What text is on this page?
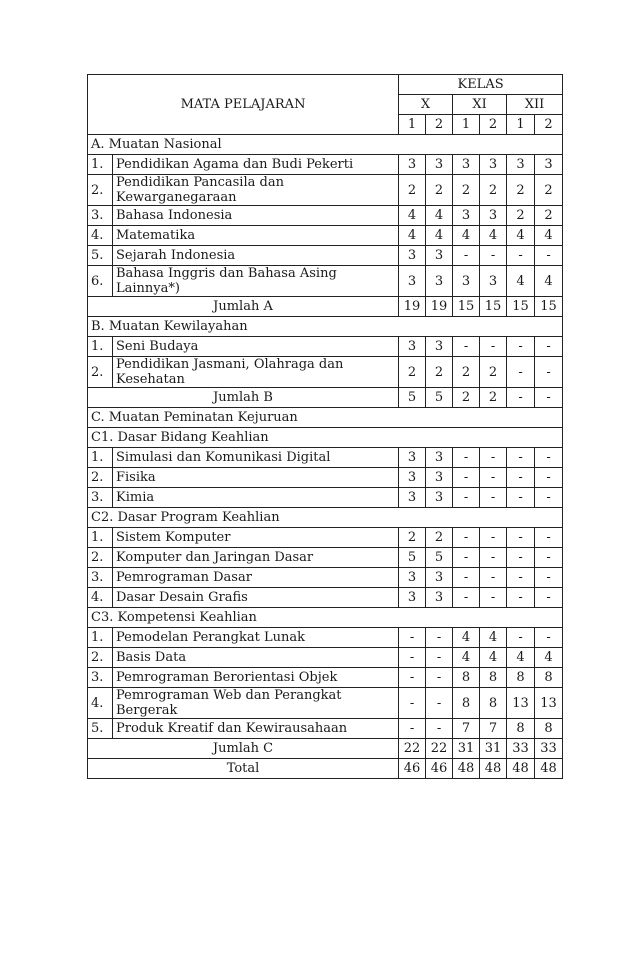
MATA PELAJARAN		KELAS					
		X		XI		XII	
		1	2	1	2	1	2
A. Muatan Nasional							
1.	Pendidikan Agama dan Budi Pekerti	3	3	3	3	3	3
2.	Pendidikan Pancasila dan Kewarganegaraan	2	2	2	2	2	2
3.	Bahasa Indonesia	4	4	3	3	2	2
4.	Matematika	4	4	4	4	4	4
5.	Sejarah Indonesia	3	3	-	-	-	-
6.	Bahasa Inggris dan Bahasa Asing Lainnya*)	3	3	3	3	4	4
Jumlah A		19	19	15	15	15	15
B. Muatan Kewilayahan							
1.	Seni Budaya	3	3	-	-	-	-
2.	Pendidikan Jasmani, Olahraga dan Kesehatan	2	2	2	2	-	-
Jumlah B		5	5	2	2	-	-
C. Muatan Peminatan Kejuruan							
C1. Dasar Bidang Keahlian							
1.	Simulasi dan Komunikasi Digital	3	3	-	-	-	-
2.	Fisika	3	3	-	-	-	-
3.	Kimia	3	3	-	-	-	-
C2. Dasar Program Keahlian							
1.	Sistem Komputer	2	2	-	-	-	-
2.	Komputer dan Jaringan Dasar	5	5	-	-	-	-
3.	Pemrograman Dasar	3	3	-	-	-	-
4.	Dasar Desain Grafis	3	3	-	-	-	-
C3. Kompetensi Keahlian							
1.	Pemodelan Perangkat Lunak	-	-	4	4	-	-
2.	Basis Data	-	-	4	4	4	4
3.	Pemrograman Berorientasi Objek	-	-	8	8	8	8
4.	Pemrograman Web dan Perangkat Bergerak	-	-	8	8	13	13
5.	Produk Kreatif dan Kewirausahaan	-	-	7	7	8	8
Jumlah C		22	22	31	31	33	33
Total		46	46	48	48	48	48
